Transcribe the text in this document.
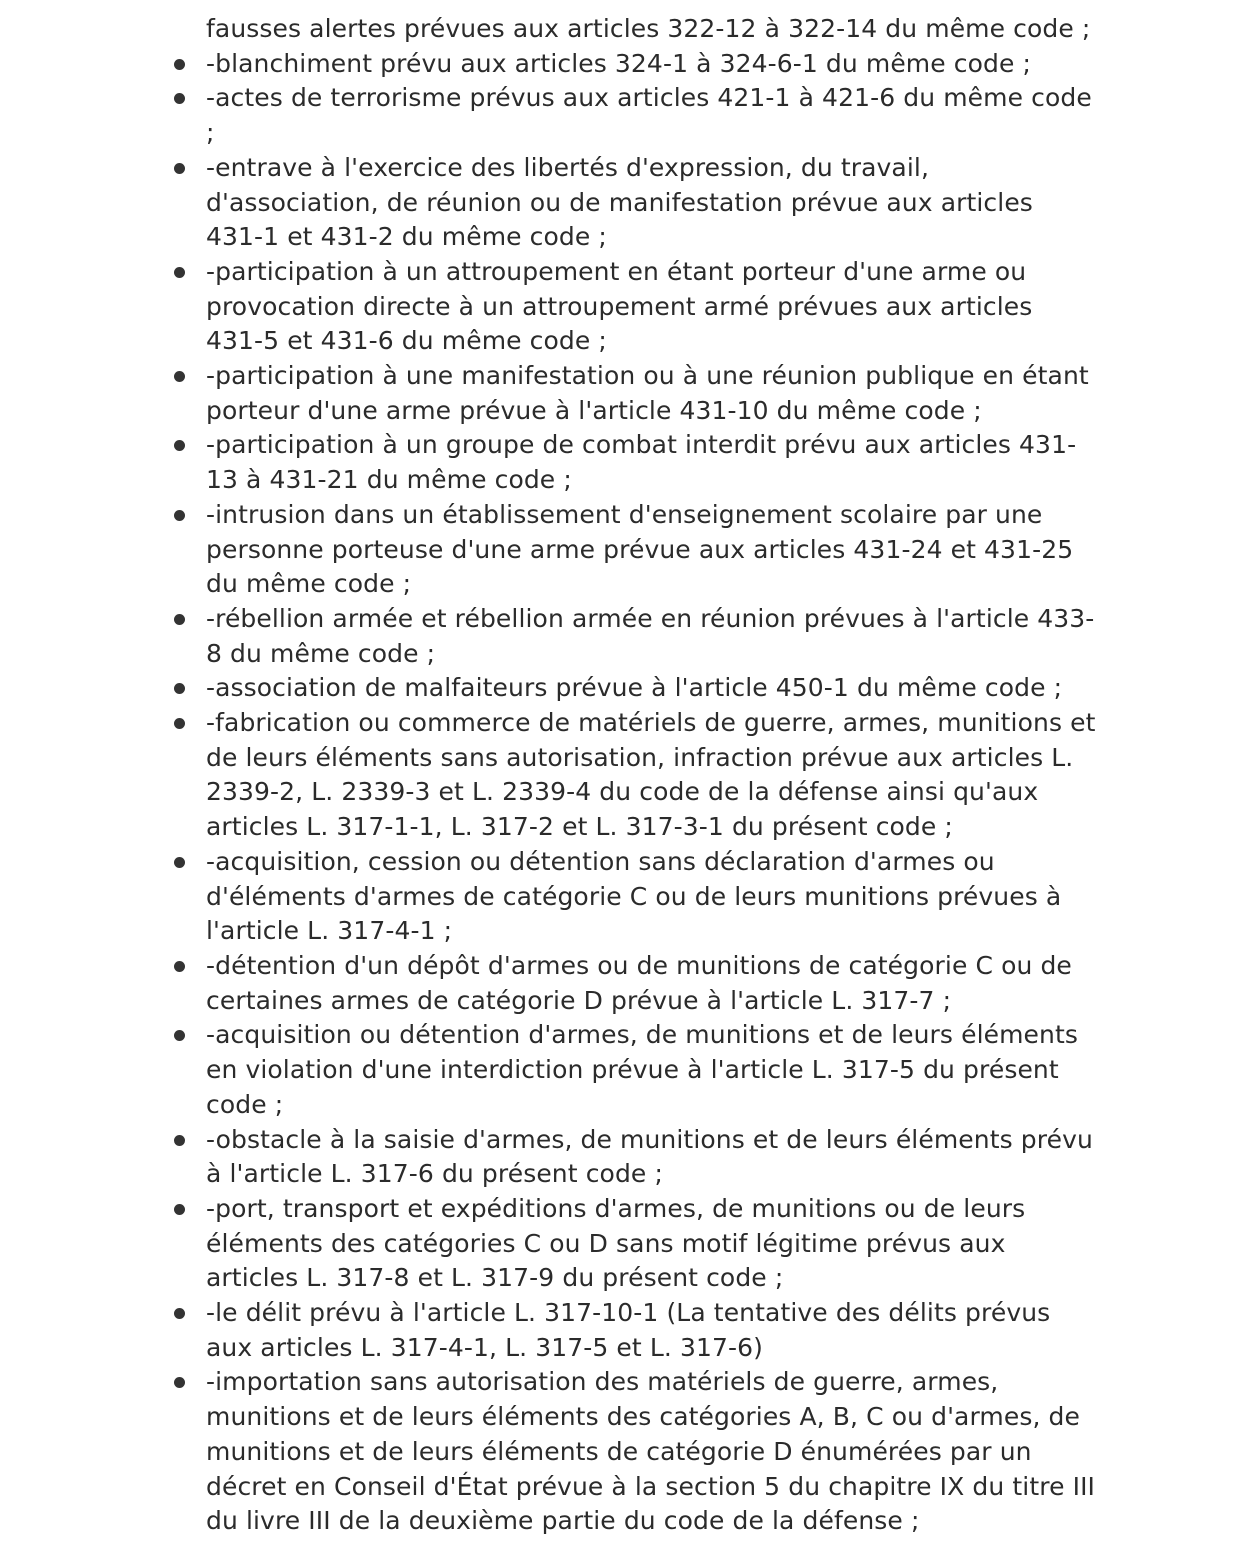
fausses alertes prévues aux articles 322-12 à 322-14 du même code ;

-blanchiment prévu aux articles 324-1 à 324-6-1 du même code ;
-actes de terrorisme prévus aux articles 421-1 à 421-6 du même code ;
-entrave à l'exercice des libertés d'expression, du travail, d'association, de réunion ou de manifestation prévue aux articles 431-1 et 431-2 du même code ;
-participation à un attroupement en étant porteur d'une arme ou provocation directe à un attroupement armé prévues aux articles 431-5 et 431-6 du même code ;
-participation à une manifestation ou à une réunion publique en étant porteur d'une arme prévue à l'article 431-10 du même code ;
-participation à un groupe de combat interdit prévu aux articles 431-13 à 431-21 du même code ;
-intrusion dans un établissement d'enseignement scolaire par une personne porteuse d'une arme prévue aux articles 431-24 et 431-25 du même code ;
-rébellion armée et rébellion armée en réunion prévues à l'article 433-8 du même code ;
-association de malfaiteurs prévue à l'article 450-1 du même code ;
-fabrication ou commerce de matériels de guerre, armes, munitions et de leurs éléments sans autorisation, infraction prévue aux articles L. 2339-2, L. 2339-3 et L. 2339-4 du code de la défense ainsi qu'aux articles L. 317-1-1, L. 317-2 et L. 317-3-1 du présent code ;
-acquisition, cession ou détention sans déclaration d'armes ou d'éléments d'armes de catégorie C ou de leurs munitions prévues à l'article L. 317-4-1 ;
-détention d'un dépôt d'armes ou de munitions de catégorie C ou de certaines armes de catégorie D prévue à l'article L. 317-7 ;
-acquisition ou détention d'armes, de munitions et de leurs éléments en violation d'une interdiction prévue à l'article L. 317-5 du présent code ;
-obstacle à la saisie d'armes, de munitions et de leurs éléments prévu à l'article L. 317-6 du présent code ;
-port, transport et expéditions d'armes, de munitions ou de leurs éléments des catégories C ou D sans motif légitime prévus aux articles L. 317-8 et L. 317-9 du présent code ;
-le délit prévu à l'article L. 317-10-1 (La tentative des délits prévus aux articles L. 317-4-1, L. 317-5 et L. 317-6)
-importation sans autorisation des matériels de guerre, armes, munitions et de leurs éléments des catégories A, B, C ou d'armes, de munitions et de leurs éléments de catégorie D énumérées par un décret en Conseil d'État prévue à la section 5 du chapitre IX du titre III du livre III de la deuxième partie du code de la défense ;
